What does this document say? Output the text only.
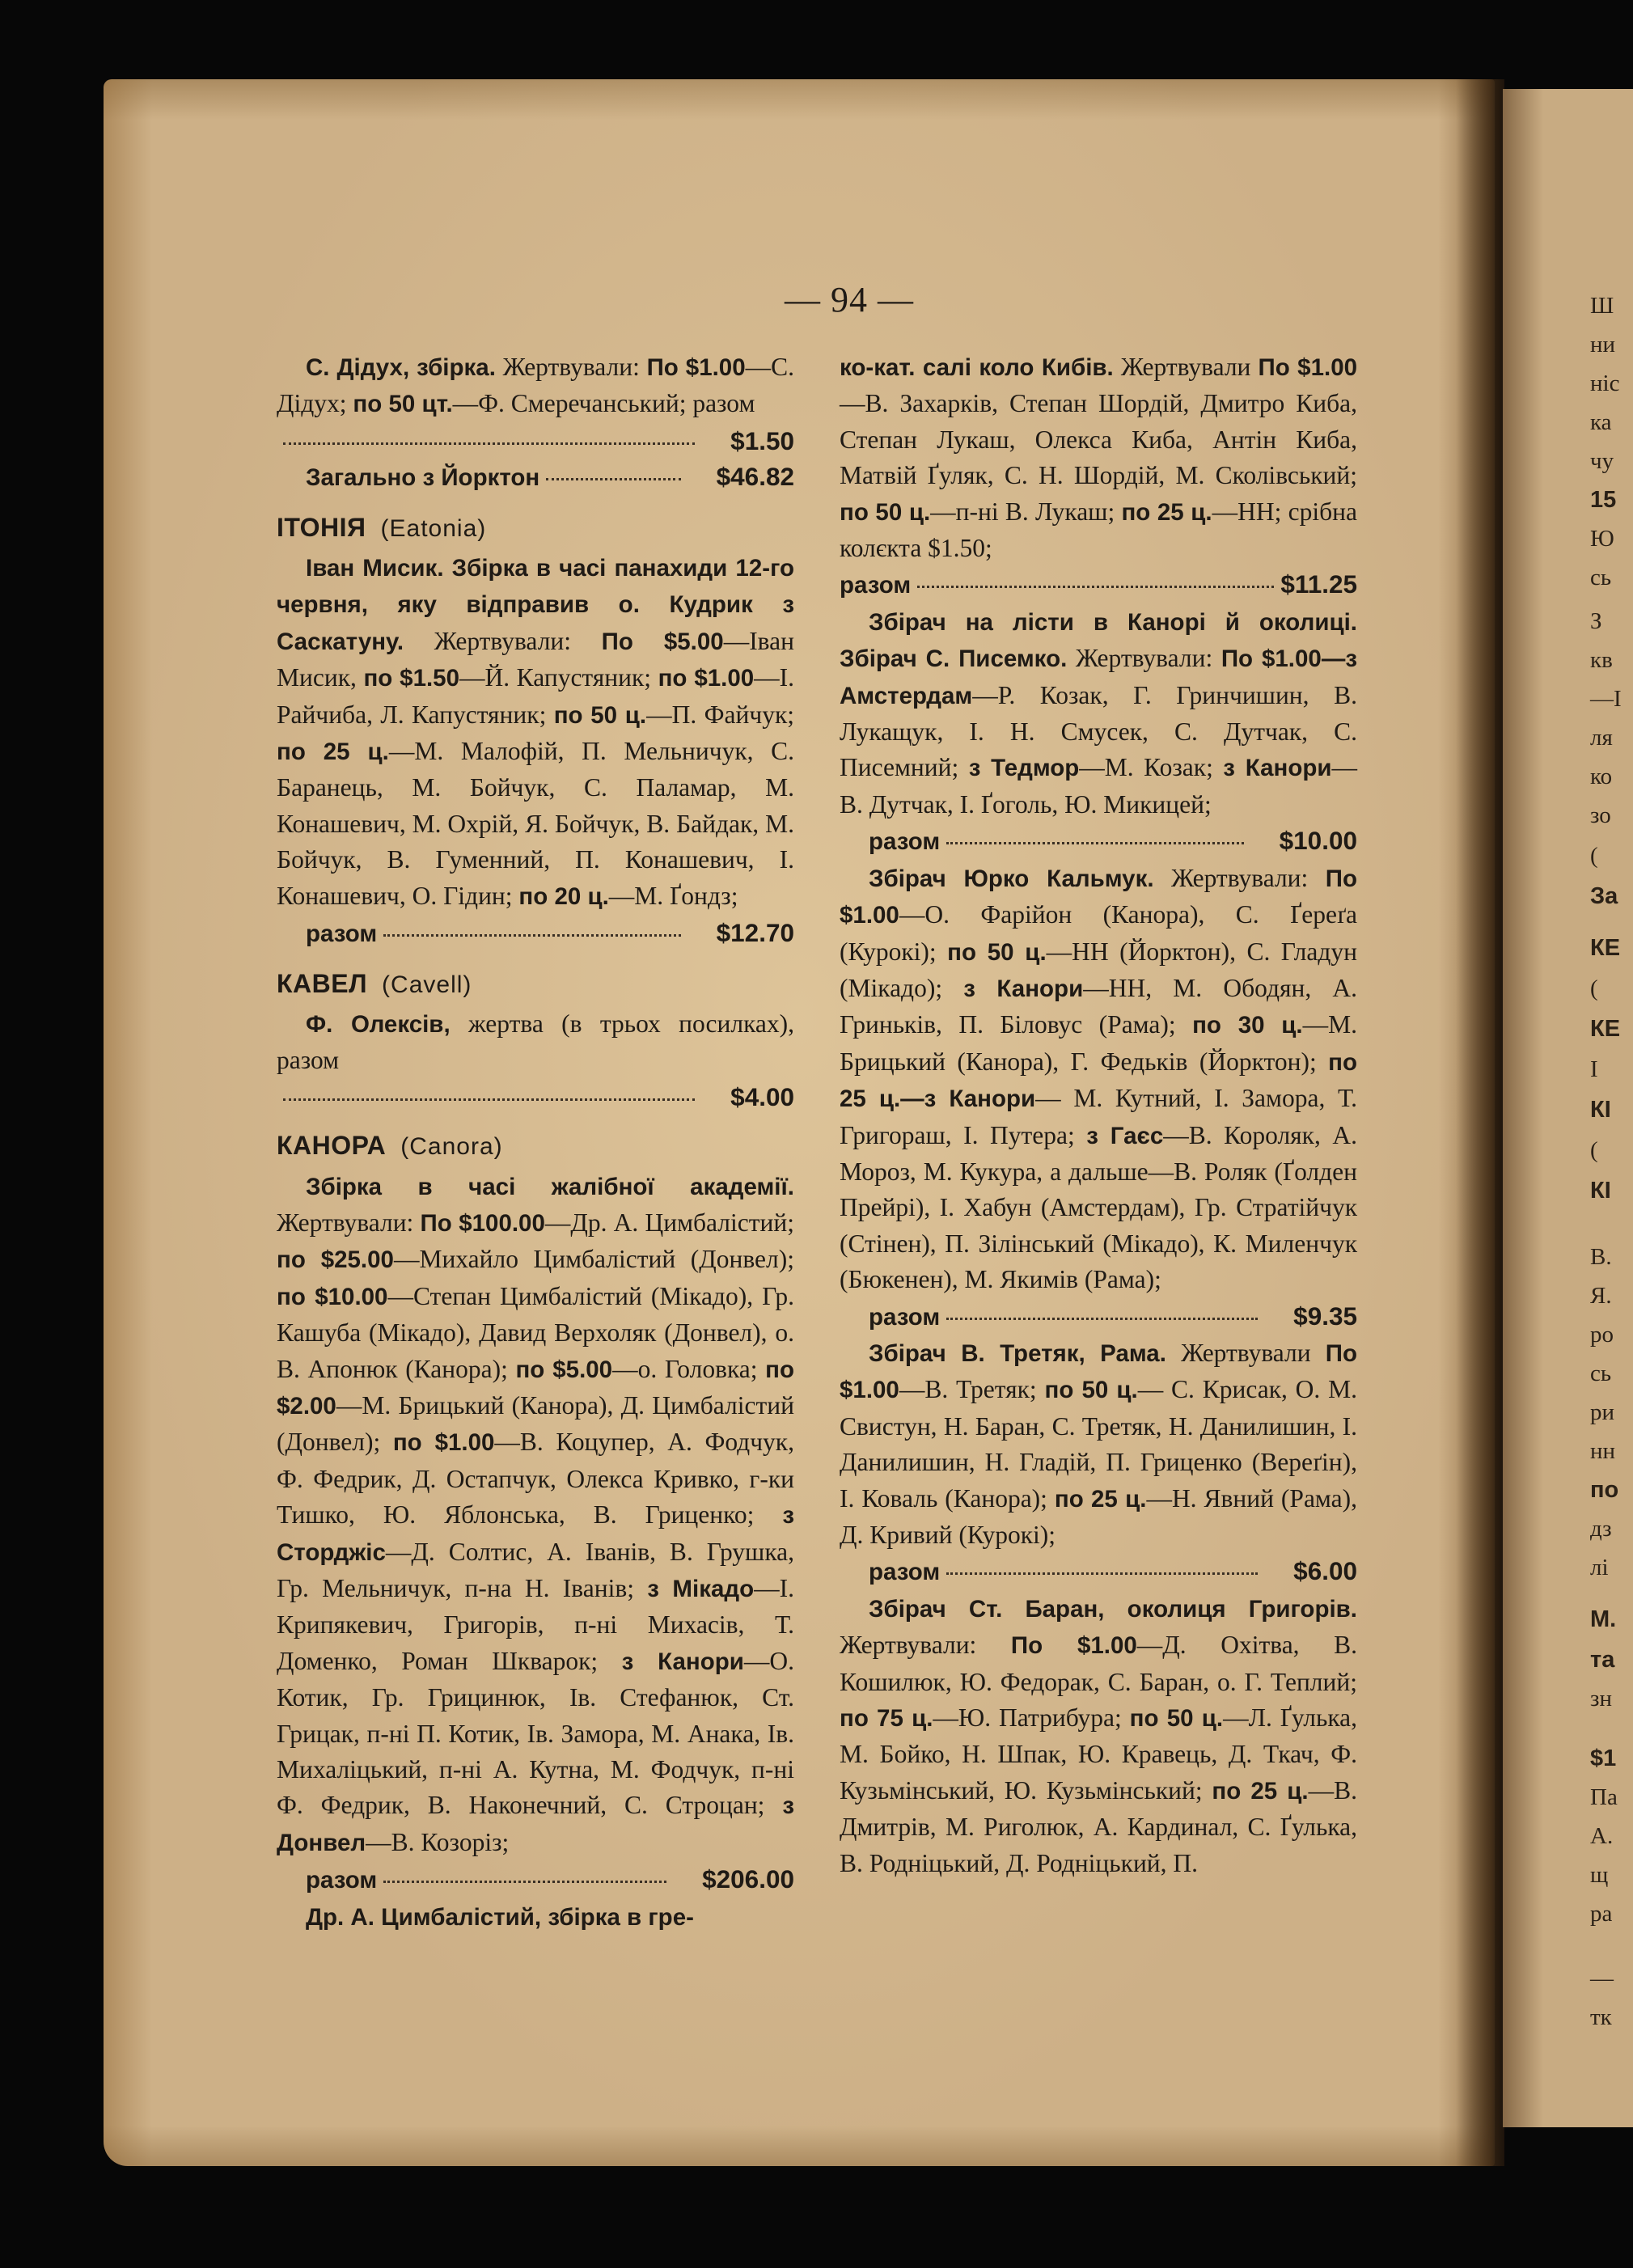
— 94 —
С. Дідух, збірка. Жертвували: По $1.00—С. Дідух; по 50 цт.—Ф. Смеречанський; разом
$1.50
Загально з Йорктон	$46.82
ІТОНІЯ (Eatonia)
Іван Мисик. Збірка в часі панахиди 12-го червня, яку відправив о. Кудрик з Саскатуну. Жертвували: По $5.00—Іван Мисик, по $1.50—Й. Капустяник; по $1.00—І. Райчиба, Л. Капустяник; по 50 ц.—П. Файчук; по 25 ц.—М. Малофій, П. Мельничук, С. Баранець, М. Бойчук, С. Паламар, М. Конашевич, М. Охрій, Я. Бойчук, В. Байдак, М. Бойчук, В. Гуменний, П. Конашевич, І. Конашевич, О. Гідин; по 20 ц.—М. Ґондз;
разом	$12.70
КАВЕЛ (Cavell)
Ф. Олексів, жертва (в трьох посилках), разом
$4.00
КАНОРА (Canora)
Збірка в часі жалібної академії. Жертвували: По $100.00—Др. А. Цимбалістий; по $25.00—Михайло Цимбалістий (Донвел); по $10.00—Степан Цимбалістий (Мікадо), Гр. Кашуба (Мікадо), Давид Верхоляк (Донвел), о. В. Апонюк (Канора); по $5.00—о. Головка; по $2.00—М. Брицький (Канора), Д. Цимбалістий (Донвел); по $1.00—В. Коцупер, А. Фодчук, Ф. Федрик, Д. Остапчук, Олекса Кривко, г-ки Тишко, Ю. Яблонська, В. Гриценко; з Сторджіс—Д. Солтис, А. Іванів, В. Грушка, Гр. Мельничук, п-на Н. Іванів; з Мікадо—І. Крипякевич, Григорів, п-ні Михасів, Т. Доменко, Роман Шкварок; з Канори—О. Котик, Гр. Грицинюк, Ів. Стефанюк, Ст. Грицак, п-ні П. Котик, Ів. Замора, М. Анака, Ів. Михаліцький, п-ні А. Кутна, М. Фодчук, п-ні Ф. Федрик, В. Наконечний, С. Строцан; з Донвел—В. Козоріз;
разом	$206.00
Др. А. Цимбалістий, збірка в гре-
ко-кат. салі коло Кибів. Жертвували По $1.00—В. Захарків, Степан Шордій, Дмитро Киба, Степан Лукаш, Олекса Киба, Антін Киба, Матвій Ґуляк, С. Н. Шордій, М. Сколівський; по 50 ц.—п-ні В. Лукаш; по 25 ц.—НН; срібна колєкта $1.50;
разом	$11.25
Збірач на лісти в Канорі й околиці. Збірач С. Писемко. Жертвували: По $1.00—з Амстердам—Р. Козак, Г. Гринчишин, В. Лукащук, І. Н. Смусек, С. Дутчак, С. Писемний; з Тедмор—М. Козак; з Канори— В. Дутчак, І. Ґоголь, Ю. Микицей;
разом	$10.00
Збірач Юрко Кальмук. Жертвували: По $1.00—О. Фарійон (Канора), С. Ґереґа (Курокі); по 50 ц.—НН (Йорктон), С. Гладун (Мікадо); з Канори—НН, М. Ободян, А. Гриньків, П. Біловус (Рама); по 30 ц.—М. Брицький (Канора), Г. Федьків (Йорктон); по 25 ц.—з Канори— М. Кутний, І. Замора, Т. Григораш, І. Путера; з Гаєс—В. Короляк, А. Мороз, М. Кукура, а дальше—В. Роляк (Ґолден Прейрі), І. Хабун (Амстердам), Гр. Стратійчук (Стінен), П. Зілінський (Мікадо), К. Миленчук (Бюкенен), М. Якимів (Рама);
разом	$9.35
Збірач В. Третяк, Рама. Жертвували По $1.00—В. Третяк; по 50 ц.— С. Крисак, О. М. Свистун, Н. Баран, С. Третяк, Н. Данилишин, І. Данилишин, Н. Гладій, П. Гриценко (Вереґін), І. Коваль (Канора); по 25 ц.—Н. Явний (Рама), Д. Кривий (Курокі);
разом	$6.00
Збірач Ст. Баран, околиця Григорів. Жертвували: По $1.00—Д. Охітва, В. Кошилюк, Ю. Федорак, С. Баран, о. Г. Теплий; по 75 ц.—Ю. Патрибура; по 50 ц.—Л. Ґулька, М. Бойко, Н. Шпак, Ю. Кравець, Д. Ткач, Ф. Кузьмінський, Ю. Кузьмінський; по 25 ц.—В. Дмитрів, М. Риголюк, А. Кардинал, С. Ґулька, В. Родніцький, Д. Родніцький, П.
Ш
ни
ніс
ка
чу
15
Ю
сь
З
кв
—І
ля
ко
зо
(
За
КЕ
(
КЕ
І
КІ
(
КІ
В.
Я.
ро
сь
ри
нн
по
дз
лі
М.
та
зн
$1
Па
А.
щ
ра
—
тк
